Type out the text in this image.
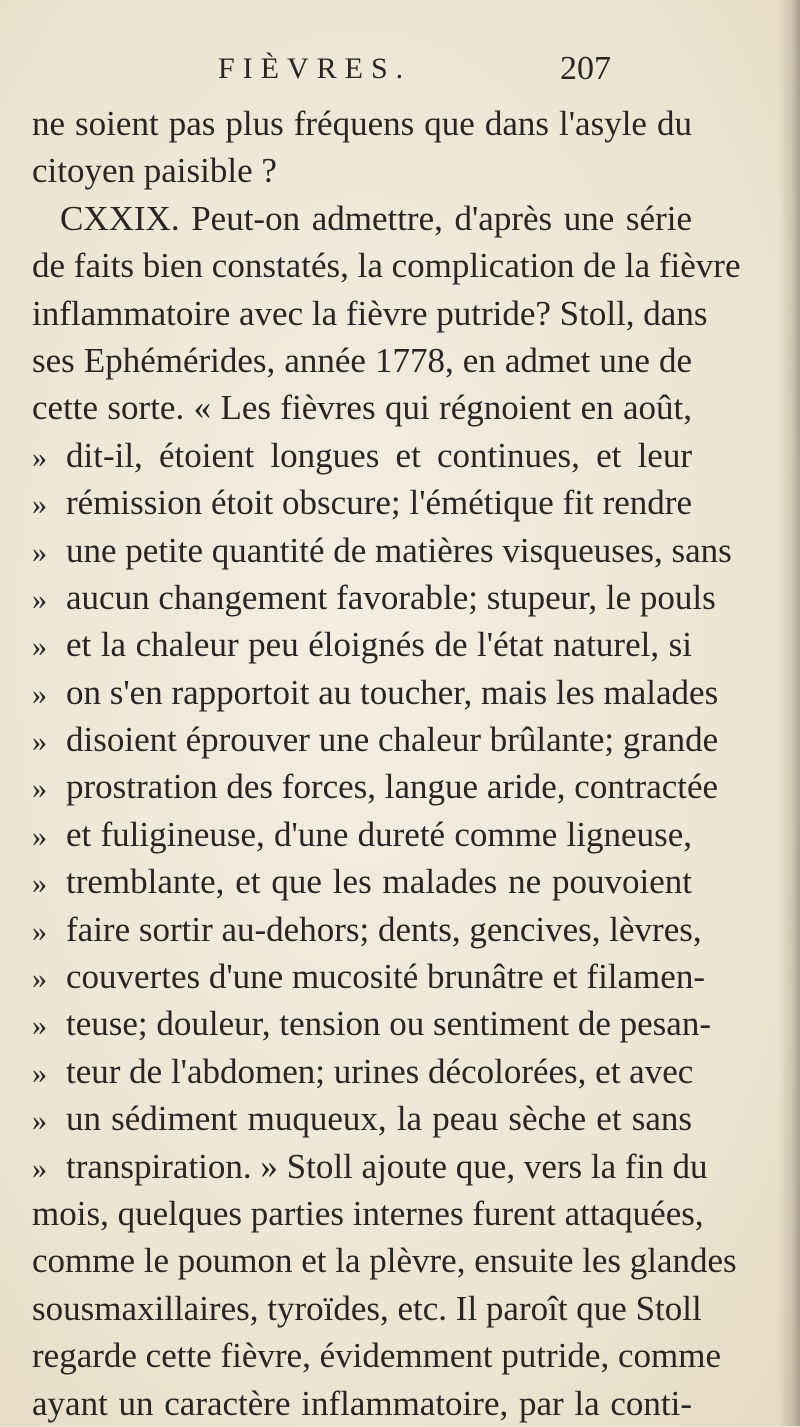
FIÈVRES.	207
ne soient pas plus fréquens que dans l'asyle du
citoyen paisible ?
CXXIX. Peut-on admettre, d'après une série
de faits bien constatés, la complication de la fièvre
inflammatoire avec la fièvre putride? Stoll, dans
ses Ephémérides, année 1778, en admet une de
cette sorte. « Les fièvres qui régnoient en août,
» dit-il, étoient longues et continues, et leur
» rémission étoit obscure; l'émétique fit rendre
» une petite quantité de matières visqueuses, sans
» aucun changement favorable; stupeur, le pouls
» et la chaleur peu éloignés de l'état naturel, si
» on s'en rapportoit au toucher, mais les malades
» disoient éprouver une chaleur brûlante; grande
» prostration des forces, langue aride, contractée
» et fuligineuse, d'une dureté comme ligneuse,
» tremblante, et que les malades ne pouvoient
» faire sortir au-dehors; dents, gencives, lèvres,
» couvertes d'une mucosité brunâtre et filamen-
» teuse; douleur, tension ou sentiment de pesan-
» teur de l'abdomen; urines décolorées, et avec
» un sédiment muqueux, la peau sèche et sans
» transpiration. » Stoll ajoute que, vers la fin du
mois, quelques parties internes furent attaquées,
comme le poumon et la plèvre, ensuite les glandes
sousmaxillaires, tyroïdes, etc. Il paroît que Stoll
regarde cette fièvre, évidemment putride, comme
ayant un caractère inflammatoire, par la conti-
